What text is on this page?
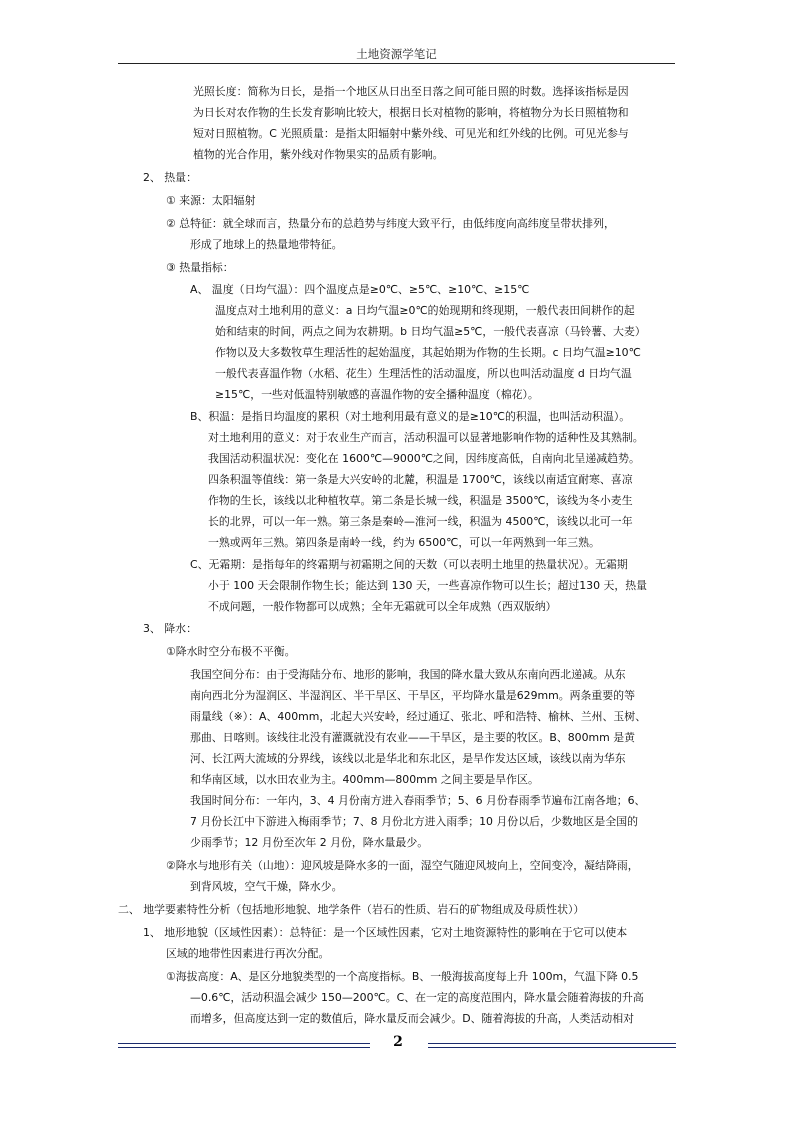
土地资源学笔记
光照长度：简称为日长，是指一个地区从日出至日落之间可能日照的时数。选择该指标是因
为日长对农作物的生长发育影响比较大，根据日长对植物的影响，将植物分为长日照植物和
短对日照植物。C 光照质量：是指太阳辐射中紫外线、可见光和红外线的比例。可见光参与
植物的光合作用，紫外线对作物果实的品质有影响。
2、 热量：
① 来源：太阳辐射
② 总特征：就全球而言，热量分布的总趋势与纬度大致平行，由低纬度向高纬度呈带状排列，
形成了地球上的热量地带特征。
③ 热量指标：
A、 温度（日均气温）：四个温度点是≥0℃、≥5℃、≥10℃、≥15℃
温度点对土地利用的意义：a 日均气温≥0℃的始现期和终现期，一般代表田间耕作的起
始和结束的时间，两点之间为农耕期。b 日均气温≥5℃，一般代表喜凉（马铃薯、大麦）
作物以及大多数牧草生理活性的起始温度，其起始期为作物的生长期。c 日均气温≥10℃
一般代表喜温作物（水稻、花生）生理活性的活动温度，所以也叫活动温度 d 日均气温
≥15℃，一些对低温特别敏感的喜温作物的安全播种温度（棉花）。
B、积温：是指日均温度的累积（对土地利用最有意义的是≥10℃的积温，也叫活动积温）。
对土地利用的意义：对于农业生产而言，活动积温可以显著地影响作物的适种性及其熟制。
我国活动积温状况：变化在 1600℃—9000℃之间，因纬度高低，自南向北呈递减趋势。
四条积温等值线：第一条是大兴安岭的北麓，积温是 1700℃，该线以南适宜耐寒、喜凉
作物的生长，该线以北种植牧草。第二条是长城一线，积温是 3500℃，该线为冬小麦生
长的北界，可以一年一熟。第三条是秦岭—淮河一线，积温为 4500℃，该线以北可一年
一熟或两年三熟。第四条是南岭一线，约为 6500℃，可以一年两熟到一年三熟。
C、无霜期：是指每年的终霜期与初霜期之间的天数（可以表明土地里的热量状况）。无霜期
小于 100 天会限制作物生长；能达到 130 天，一些喜凉作物可以生长；超过130 天，热量
不成问题，一般作物都可以成熟；全年无霜就可以全年成熟（西双版纳）
3、 降水：
①降水时空分布极不平衡。
我国空间分布：由于受海陆分布、地形的影响，我国的降水量大致从东南向西北递减。从东
南向西北分为湿润区、半湿润区、半干旱区、干旱区，平均降水量是629mm。两条重要的等
雨量线（※）：A、400mm，北起大兴安岭，经过通辽、张北、呼和浩特、榆林、兰州、玉树、
那曲、日喀则。该线往北没有灌溉就没有农业——干旱区，是主要的牧区。B、800mm 是黄
河、长江两大流域的分界线，该线以北是华北和东北区，是旱作发达区域，该线以南为华东
和华南区域，以水田农业为主。400mm—800mm 之间主要是旱作区。
我国时间分布：一年内，3、4 月份南方进入春雨季节；5、6 月份春雨季节遍布江南各地；6、
7 月份长江中下游进入梅雨季节；7、8 月份北方进入雨季；10 月份以后，少数地区是全国的
少雨季节；12 月份至次年 2 月份，降水量最少。
②降水与地形有关（山地）：迎风坡是降水多的一面，湿空气随迎风坡向上，空间变冷，凝结降雨，
到背风坡，空气干燥，降水少。
二、 地学要素特性分析（包括地形地貌、地学条件（岩石的性质、岩石的矿物组成及母质性状））
1、 地形地貌（区域性因素）：总特征：是一个区域性因素，它对土地资源特性的影响在于它可以使本
区域的地带性因素进行再次分配。
①海拔高度：A、是区分地貌类型的一个高度指标。B、一般海拔高度每上升 100m，气温下降 0.5
—0.6℃，活动积温会减少 150—200℃。C、在一定的高度范围内，降水量会随着海拔的升高
而增多，但高度达到一定的数值后，降水量反而会减少。D、随着海拔的升高，人类活动相对
2
